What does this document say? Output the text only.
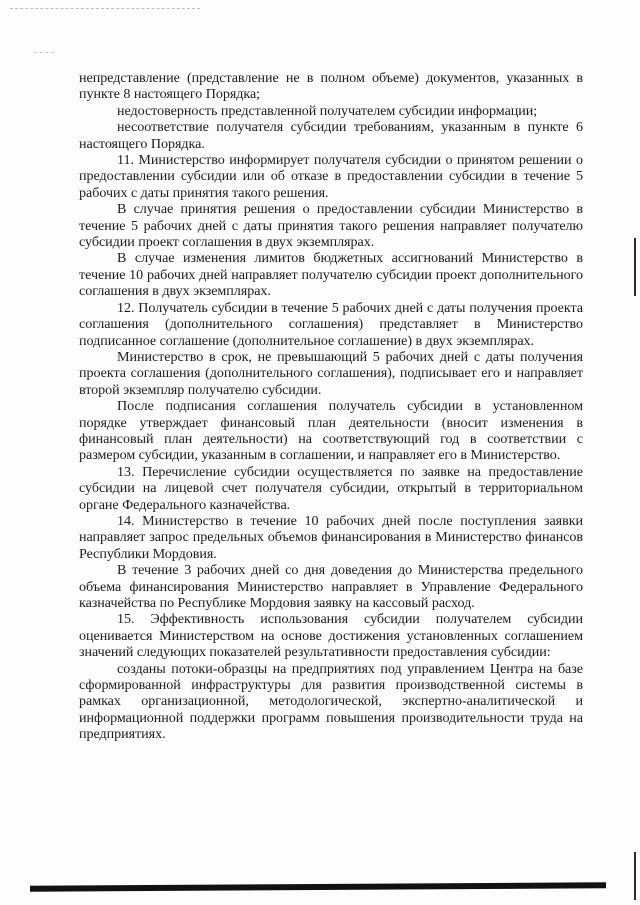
непредставление (представление не в полном объеме) документов, указанных в пункте 8 настоящего Порядка;

недостоверность представленной получателем субсидии информации;

несоответствие получателя субсидии требованиям, указанным в пункте 6 настоящего Порядка.

11. Министерство информирует получателя субсидии о принятом решении о предоставлении субсидии или об отказе в предоставлении субсидии в течение 5 рабочих с даты принятия такого решения.

В случае принятия решения о предоставлении субсидии Министерство в течение 5 рабочих дней с даты принятия такого решения направляет получателю субсидии проект соглашения в двух экземплярах.

В случае изменения лимитов бюджетных ассигнований Министерство в течение 10 рабочих дней направляет получателю субсидии проект дополнительного соглашения в двух экземплярах.

12. Получатель субсидии в течение 5 рабочих дней с даты получения проекта соглашения (дополнительного соглашения) представляет в Министерство подписанное соглашение (дополнительное соглашение) в двух экземплярах.

Министерство в срок, не превышающий 5 рабочих дней с даты получения проекта соглашения (дополнительного соглашения), подписывает его и направляет второй экземпляр получателю субсидии.

После подписания соглашения получатель субсидии в установленном порядке утверждает финансовый план деятельности (вносит изменения в финансовый план деятельности) на соответствующий год в соответствии с размером субсидии, указанным в соглашении, и направляет его в Министерство.

13. Перечисление субсидии осуществляется по заявке на предоставление субсидии на лицевой счет получателя субсидии, открытый в территориальном органе Федерального казначейства.

14. Министерство в течение 10 рабочих дней после поступления заявки направляет запрос предельных объемов финансирования в Министерство финансов Республики Мордовия.

В течение 3 рабочих дней со дня доведения до Министерства предельного объема финансирования Министерство направляет в Управление Федерального казначейства по Республике Мордовия заявку на кассовый расход.

15. Эффективность использования субсидии получателем субсидии оценивается Министерством на основе достижения установленных соглашением значений следующих показателей результативности предоставления субсидии:

созданы потоки-образцы на предприятиях под управлением Центра на базе сформированной инфраструктуры для развития производственной системы в рамках организационной, методологической, экспертно-аналитической и информационной поддержки программ повышения производительности труда на предприятиях.
